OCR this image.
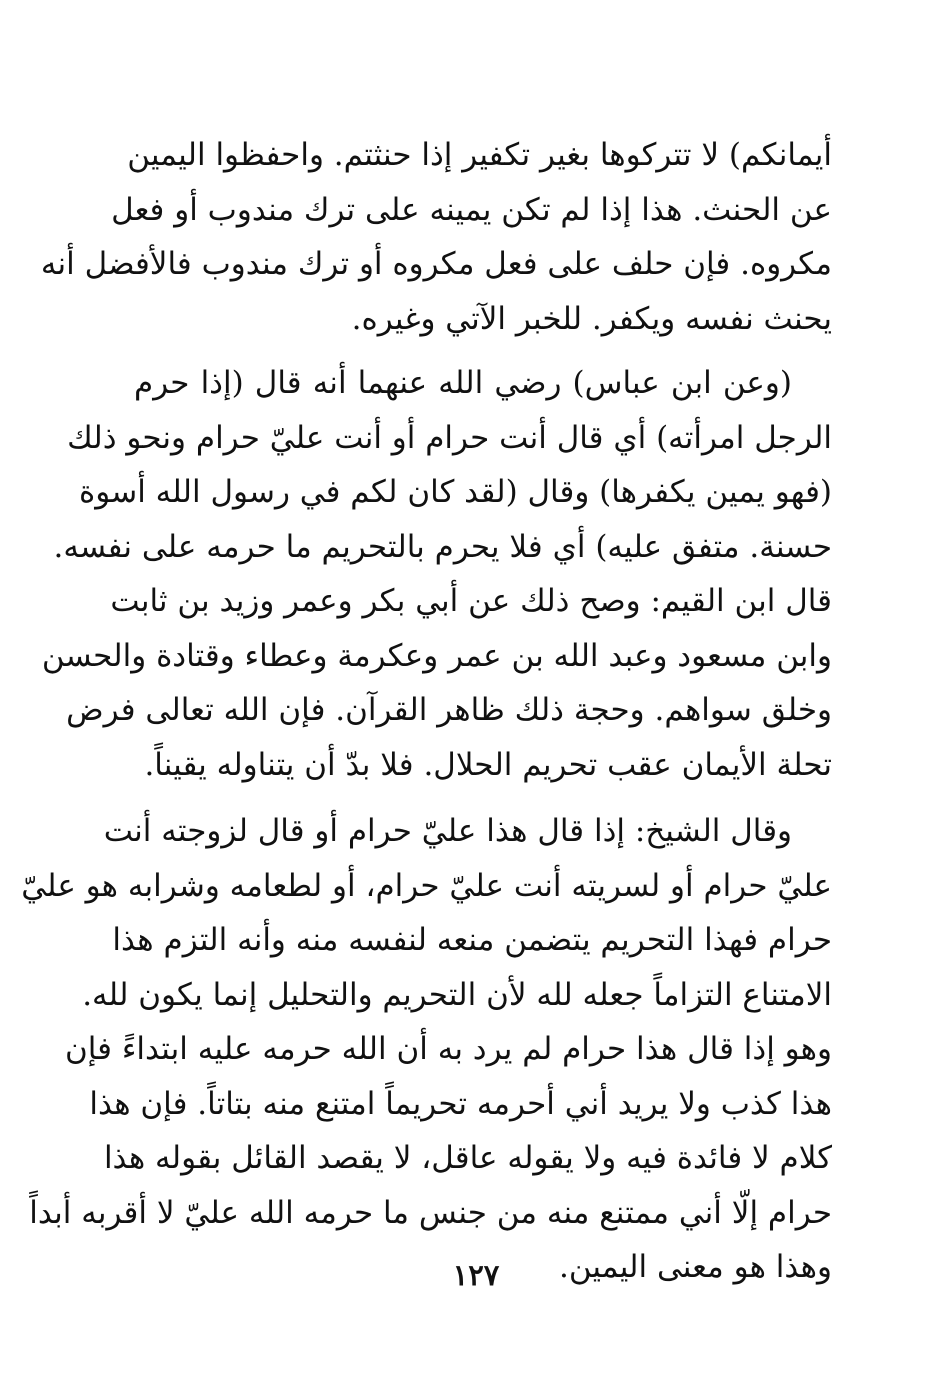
أيمانكم) لا تتركوها بغير تكفير إذا حنثتم. واحفظوا اليمين
عن الحنث. هذا إذا لم تكن يمينه على ترك مندوب أو فعل
مكروه. فإن حلف على فعل مكروه أو ترك مندوب فالأفضل أنه
يحنث نفسه ويكفر. للخبر الآتي وغيره.
(وعن ابن عباس) رضي الله عنهما أنه قال (إذا حرم
الرجل امرأته) أي قال أنت حرام أو أنت عليّ حرام ونحو ذلك
(فهو يمين يكفرها) وقال (لقد كان لكم في رسول الله أسوة
حسنة. متفق عليه) أي فلا يحرم بالتحريم ما حرمه على نفسه.
قال ابن القيم: وصح ذلك عن أبي بكر وعمر وزيد بن ثابت
وابن مسعود وعبد الله بن عمر وعكرمة وعطاء وقتادة والحسن
وخلق سواهم. وحجة ذلك ظاهر القرآن. فإن الله تعالى فرض
تحلة الأيمان عقب تحريم الحلال. فلا بدّ أن يتناوله يقيناً.
وقال الشيخ: إذا قال هذا عليّ حرام أو قال لزوجته أنت
عليّ حرام أو لسريته أنت عليّ حرام، أو لطعامه وشرابه هو عليّ
حرام فهذا التحريم يتضمن منعه لنفسه منه وأنه التزم هذا
الامتناع التزاماً جعله لله لأن التحريم والتحليل إنما يكون لله.
وهو إذا قال هذا حرام لم يرد به أن الله حرمه عليه ابتداءً فإن
هذا كذب ولا يريد أني أحرمه تحريماً امتنع منه بتاتاً. فإن هذا
كلام لا فائدة فيه ولا يقوله عاقل، لا يقصد القائل بقوله هذا
حرام إلّا أني ممتنع منه من جنس ما حرمه الله عليّ لا أقربه أبداً
وهذا هو معنى اليمين.
١٢٧
